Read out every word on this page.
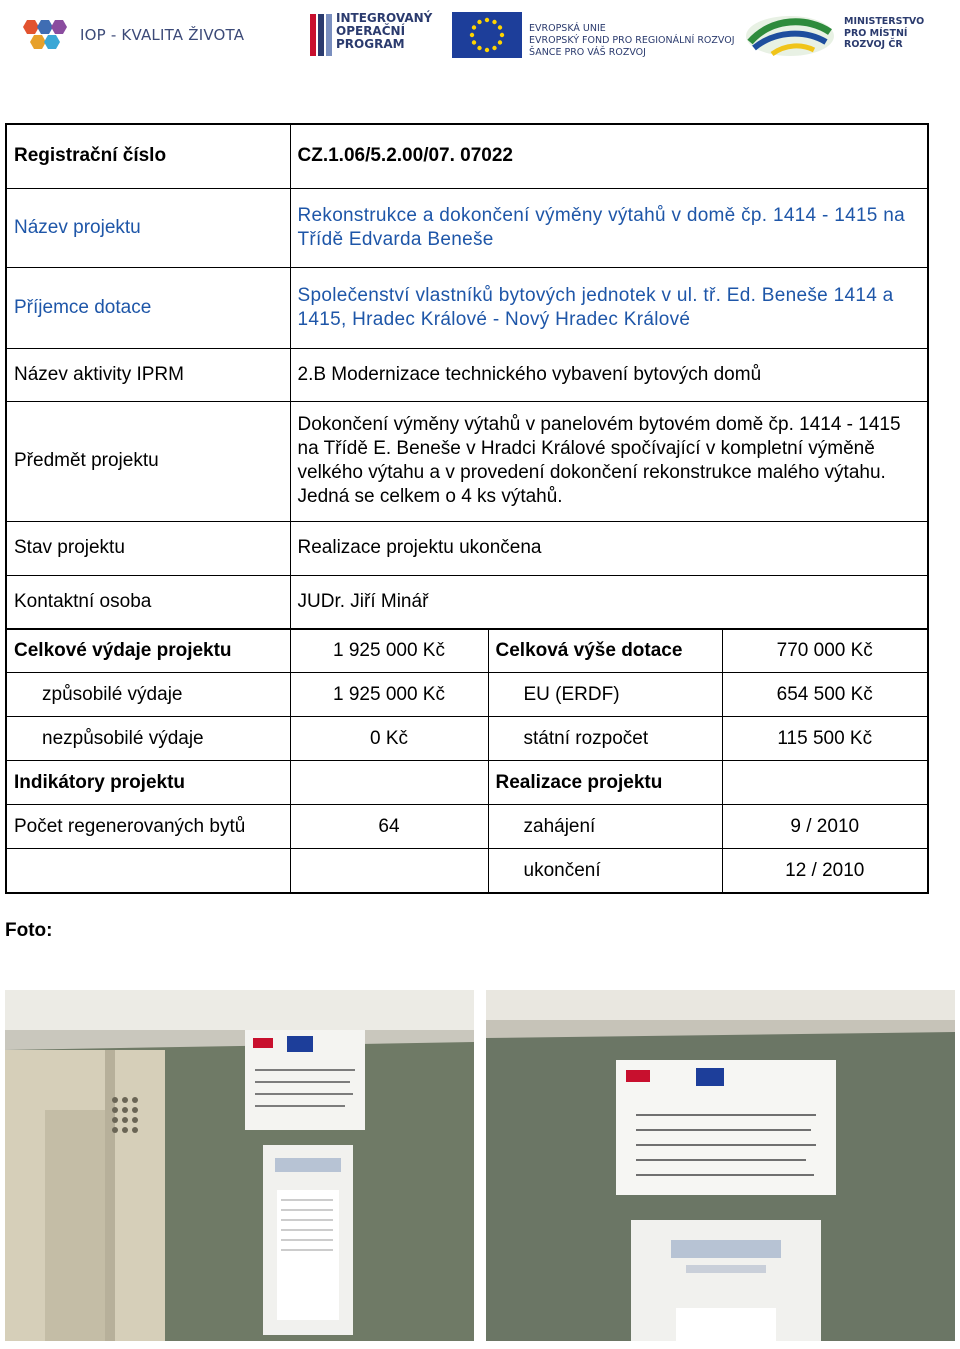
IOP - KVALITA ŽIVOTA
INTEGROVANÝ
OPERAČNÍ
PROGRAM
EVROPSKÁ UNIE
EVROPSKÝ FOND PRO REGIONÁLNÍ ROZVOJ
ŠANCE PRO VÁŠ ROZVOJ
MINISTERSTVO
PRO MÍSTNÍ
ROZVOJ ČR
Registrační číslo	CZ.1.06/5.2.00/07. 07022
Název projektu	Rekonstrukce a dokončení výměny výtahů v domě čp. 1414 - 1415 na Třídě Edvarda Beneše
Příjemce dotace	Společenství vlastníků bytových jednotek v ul. tř. Ed. Beneše 1414 a 1415, Hradec Králové - Nový Hradec Králové
Název aktivity IPRM	2.B Modernizace technického vybavení bytových domů
Předmět projektu	Dokončení výměny výtahů v panelovém bytovém domě čp. 1414 - 1415 na Třídě E. Beneše v Hradci Králové spočívající v kompletní výměně velkého výtahu a v provedení dokončení rekonstrukce malého výtahu. Jedná se celkem o 4 ks výtahů.
Stav projektu	Realizace projektu ukončena
Kontaktní osoba	JUDr. Jiří Minář
Celkové výdaje projektu	1 925 000 Kč	Celková výše dotace	770 000 Kč
způsobilé výdaje	1 925 000 Kč	EU (ERDF)	654 500 Kč
nezpůsobilé výdaje	0 Kč	státní rozpočet	115 500 Kč
Indikátory projektu		Realizace projektu	
Počet regenerovaných bytů	64	zahájení	9 / 2010
		ukončení	12 / 2010
Foto:
